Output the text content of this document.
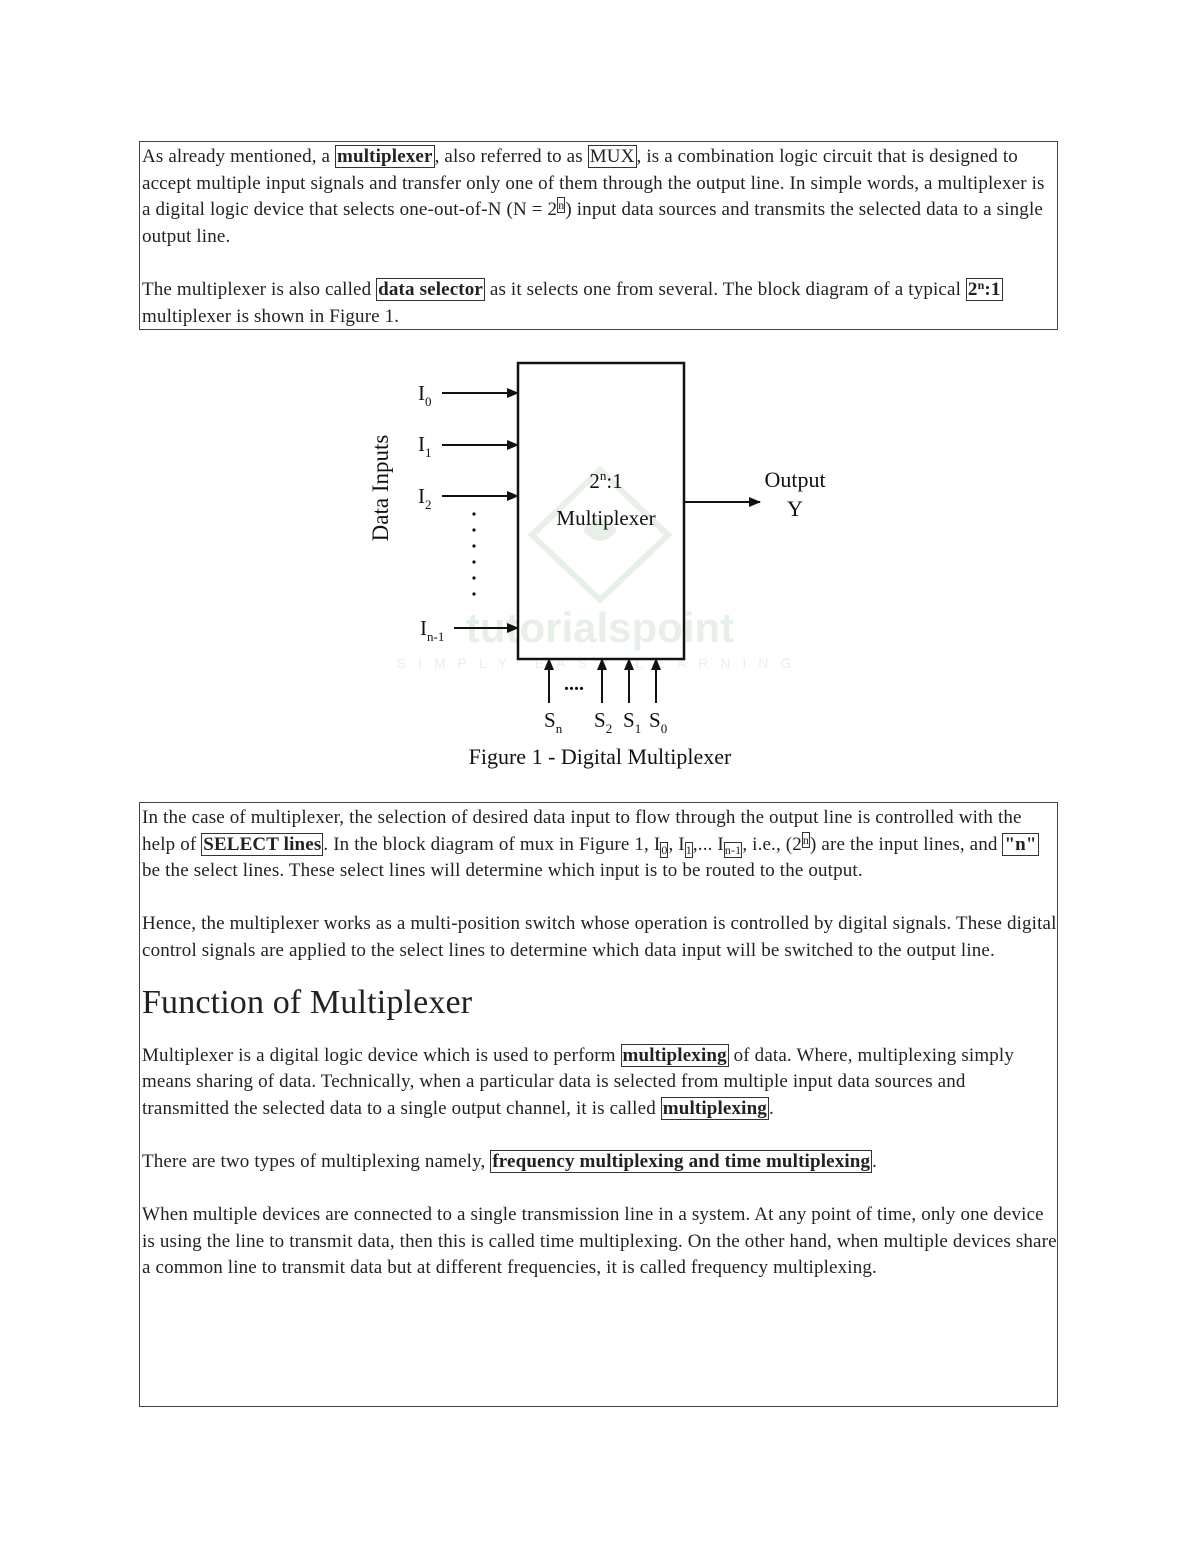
As already mentioned, a multiplexer , also referred to as MUX , is a combination logic circuit that is designed to accept multiple input signals and transfer only one of them through the output line. In simple words, a multiplexer is a digital logic device that selects one-out-of-N $(N = 2^n)$ input data sources and transmits the selected data to a single output line.

The multiplexer is also called data selector as it selects one from several. The block diagram of a typical 2$^n$:1 multiplexer is shown in Figure 1.

tutorialspoint
SIMPLY EASY LEARNING
2$^n$:1
Multiplexer
Data Inputs
$I_0$
$I_1$
$I_2$
$I_{n-1}$
Output
Y
....
$S_n$ $S_2$ $S_1$ $S_0$
Figure 1 - Digital Multiplexer

In the case of multiplexer, the selection of desired data input to flow through the output line is controlled with the help of SELECT lines . In the block diagram of mux in Figure 1, $I_0$, $I_1$,... $I_{n-1}$, i.e., (2$^n$) are the input lines, and "n" be the select lines. These select lines will determine which input is to be routed to the output.

Hence, the multiplexer works as a multi-position switch whose operation is controlled by digital signals. These digital control signals are applied to the select lines to determine which data input will be switched to the output line.

Function of Multiplexer

Multiplexer is a digital logic device which is used to perform multiplexing of data. Where, multiplexing simply means sharing of data. Technically, when a particular data is selected from multiple input data sources and transmitted the selected data to a single output channel, it is called multiplexing .

There are two types of multiplexing namely, frequency multiplexing and time multiplexing .

When multiple devices are connected to a single transmission line in a system. At any point of time, only one device is using the line to transmit data, then this is called time multiplexing. On the other hand, when multiple devices share a common line to transmit data but at different frequencies, it is called frequency multiplexing.
